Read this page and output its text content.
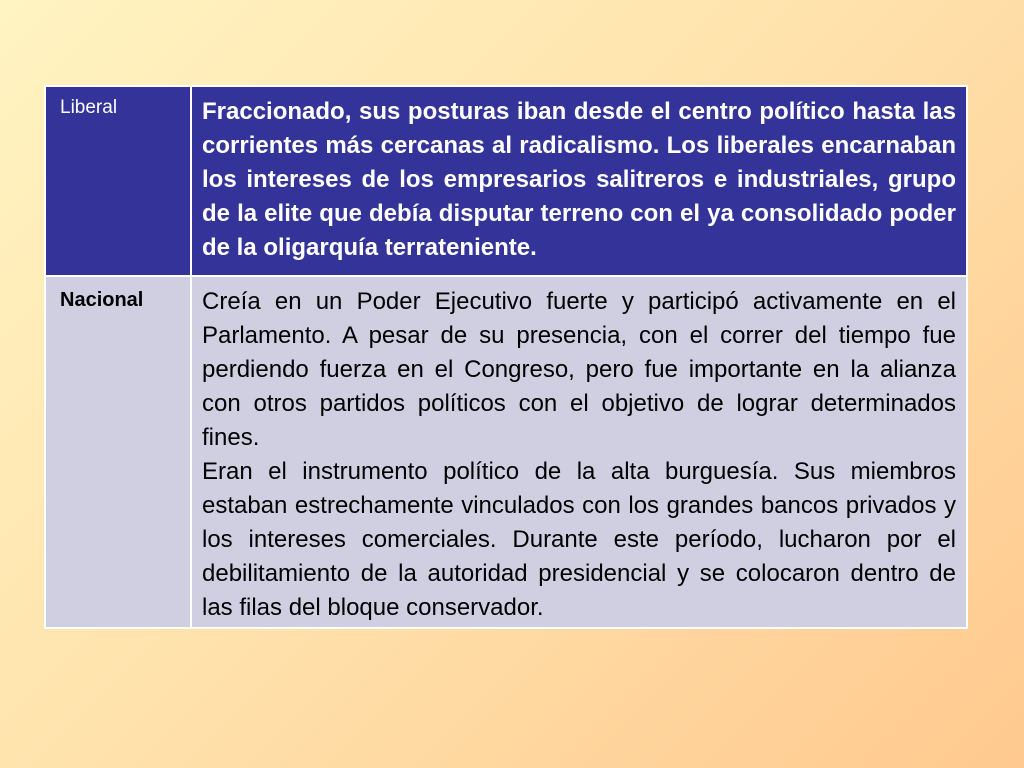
Liberal	Fraccionado, sus posturas iban desde el centro político hasta las corrientes más cercanas al radicalismo. Los liberales encarnaban los intereses de los empresarios salitreros e industriales, grupo de la elite que debía disputar terreno con el ya consolidado poder de la oligarquía terrateniente.

Nacional	Creía en un Poder Ejecutivo fuerte y participó activamente en el Parlamento. A pesar de su presencia, con el correr del tiempo fue perdiendo fuerza en el Congreso, pero fue importante en la alianza con otros partidos políticos con el objetivo de lograr determinados fines.

Eran el instrumento político de la alta burguesía. Sus miembros estaban estrechamente vinculados con los grandes bancos privados y los intereses comerciales. Durante este período, lucharon por el debilitamiento de la autoridad presidencial y se colocaron dentro de las filas del bloque conservador.
